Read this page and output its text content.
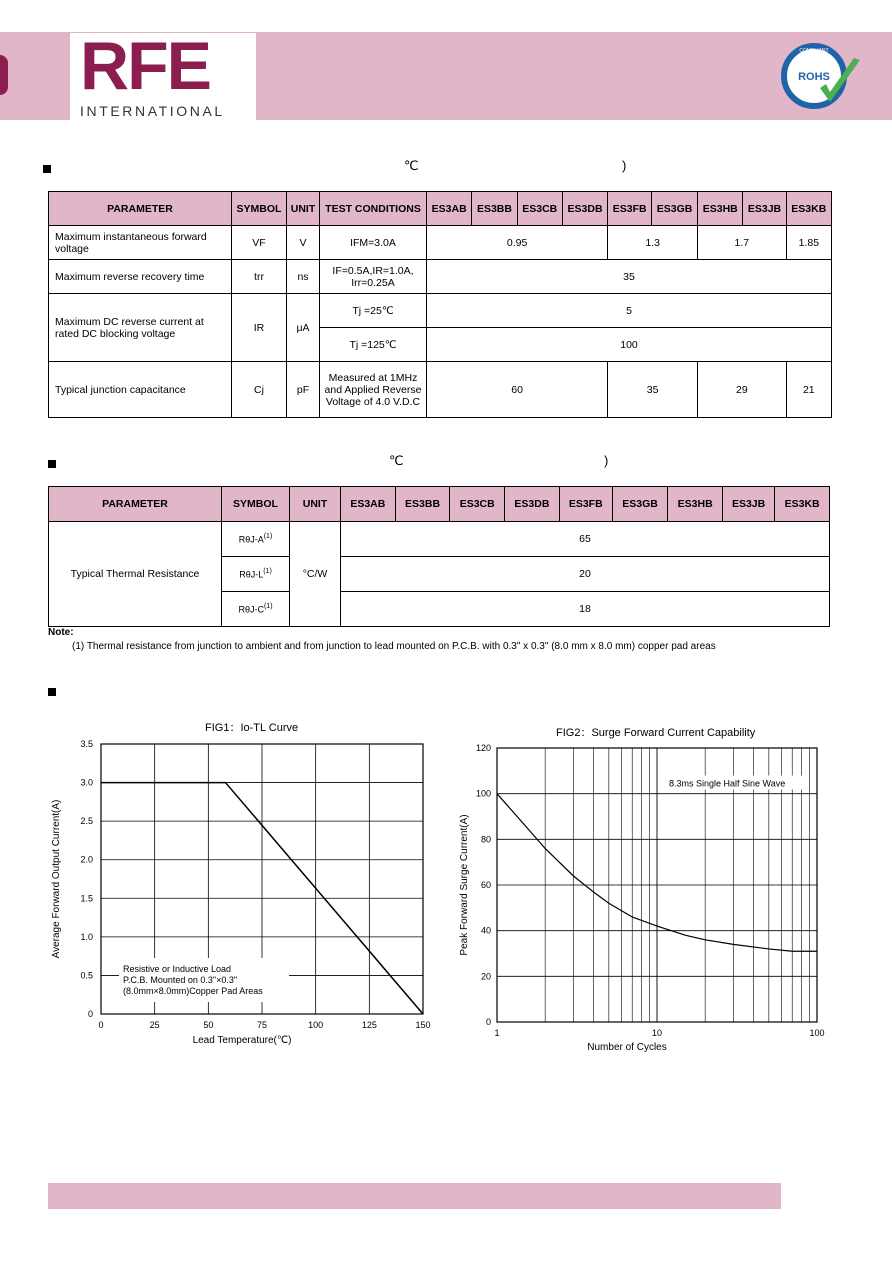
RFE
INTERNATIONAL
ROHS
COMPLIANT
℃	)
PARAMETER	SYMBOL	UNIT	TEST CONDITIONS	ES3AB	ES3BB	ES3CB	ES3DB	ES3FB	ES3GB	ES3HB	ES3JB	ES3KB
Maximum instantaneous forward voltage	VF	V	IFM=3.0A	0.95				1.3		1.7		1.85
Maximum reverse recovery time	trr	ns	IF=0.5A,IR=1.0A, Irr=0.25A	35								
Maximum DC reverse current at rated DC blocking voltage	IR	μA	Tj =25℃	5								
			Tj =125℃	100								
Typical junction capacitance	Cj	pF	Measured at 1MHz and Applied Reverse Voltage of 4.0 V.D.C	60				35		29		21
℃	)
PARAMETER	SYMBOL	UNIT	ES3AB	ES3BB	ES3CB	ES3DB	ES3FB	ES3GB	ES3HB	ES3JB	ES3KB
Typical Thermal Resistance	RθJ-$A^{(1)}$	°C/W	65								
	RθJ-$L^{(1)}$		20								
	RθJ-$C^{(1)}$		18								
Note:
(1) Thermal resistance from junction to ambient and from junction to lead mounted on P.C.B. with 0.3" x 0.3" (8.0 mm x 8.0 mm) copper pad areas
FIG1：Io-TL Curve
0	25	50	75	100	125	150
0
0.5
1.0
1.5
2.0
2.5
3.0
3.5
Resistive or Inductive Load
P.C.B. Mounted on 0.3"×0.3"
(8.0mm×8.0mm)Copper Pad Areas
Lead Temperature(℃)
Average Forward Output Current(A)
FIG2：Surge Forward Current Capability
1	10	100
0
20
40
60
80
100
120
8.3ms Single Half Sine Wave
Number of Cycles
Peak Forward Surge Current(A)
